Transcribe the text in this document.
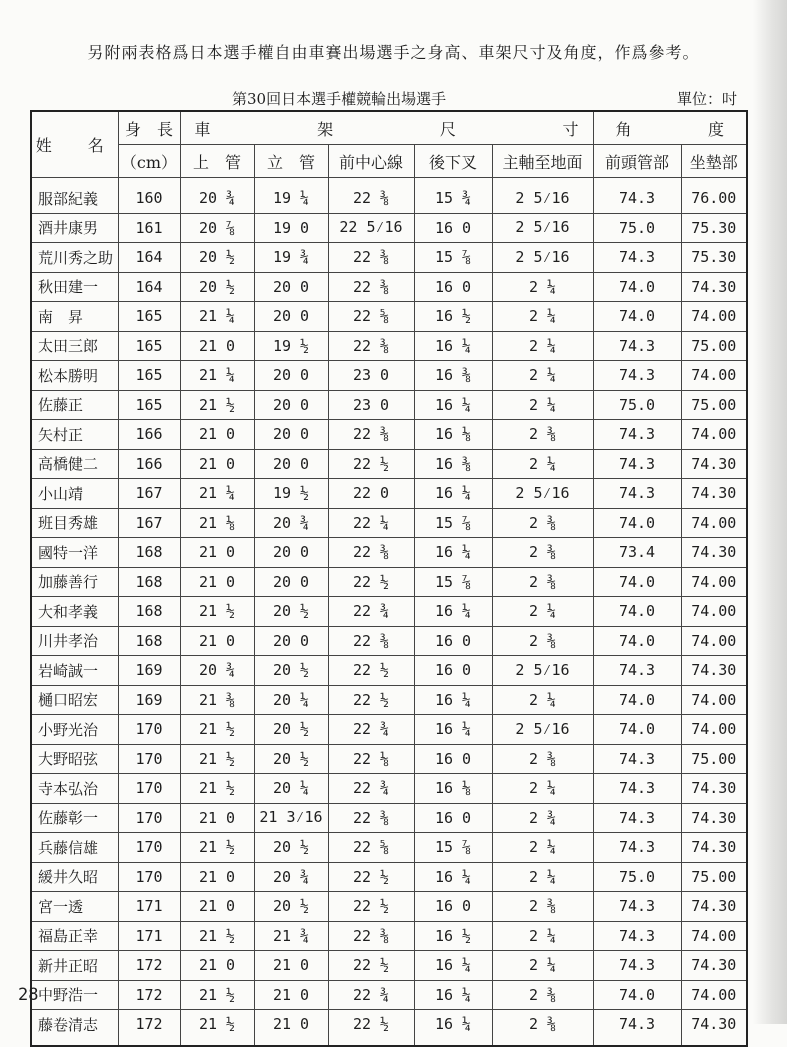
另附兩表格爲日本選手權自由車賽出場選手之身高、車架尺寸及角度，作爲參考。
第30回日本選手權競輪出場選手	單位：吋
姓　名	身　長	車 架 尺 寸					角 度	

	（cm）	上　管	立　管	前中心線	後下叉	主軸至地面	前頭管部	坐墊部
服部紀義	160	20 ¾	19 ¼	22 ⅜	15 ¾	2 5⁄16	74.3	76.00
酒井康男	161	20 ⅞	19 0	22 5⁄16	16 0	2 5⁄16	75.0	75.30
荒川秀之助	164	20 ½	19 ¾	22 ⅜	15 ⅞	2 5⁄16	74.3	75.30
秋田建一	164	20 ½	20 0	22 ⅜	16 0	2 ¼	74.0	74.30
南　昇	165	21 ¼	20 0	22 ⅝	16 ½	2 ¼	74.0	74.00
太田三郎	165	21 0	19 ½	22 ⅜	16 ¼	2 ¼	74.3	75.00
松本勝明	165	21 ¼	20 0	23 0	16 ⅜	2 ¼	74.3	74.00
佐藤正	165	21 ½	20 0	23 0	16 ¼	2 ¼	75.0	75.00
矢村正	166	21 0	20 0	22 ⅜	16 ⅛	2 ⅜	74.3	74.00
高橋健二	166	21 0	20 0	22 ½	16 ⅜	2 ¼	74.3	74.30
小山靖	167	21 ¼	19 ½	22 0	16 ¼	2 5⁄16	74.3	74.30
班目秀雄	167	21 ⅛	20 ¾	22 ¼	15 ⅞	2 ⅜	74.0	74.00
國特一洋	168	21 0	20 0	22 ⅜	16 ¼	2 ⅜	73.4	74.30
加藤善行	168	21 0	20 0	22 ½	15 ⅞	2 ⅜	74.0	74.00
大和孝義	168	21 ½	20 ½	22 ¾	16 ¼	2 ¼	74.0	74.00
川井孝治	168	21 0	20 0	22 ⅜	16 0	2 ⅜	74.0	74.00
岩崎誠一	169	20 ¾	20 ½	22 ½	16 0	2 5⁄16	74.3	74.30
樋口昭宏	169	21 ⅜	20 ¼	22 ½	16 ¼	2 ¼	74.0	74.00
小野光治	170	21 ½	20 ½	22 ¾	16 ¼	2 5⁄16	74.0	74.00
大野昭弦	170	21 ½	20 ½	22 ⅛	16 0	2 ⅜	74.3	75.00
寺本弘治	170	21 ½	20 ¼	22 ¾	16 ⅛	2 ¼	74.3	74.30
佐藤彰一	170	21 0	21 3⁄16	22 ⅜	16 0	2 ¾	74.3	74.30
兵藤信雄	170	21 ½	20 ½	22 ⅝	15 ⅞	2 ¼	74.3	74.30
緩井久昭	170	21 0	20 ¾	22 ½	16 ¼	2 ¼	75.0	75.00
宮一透	171	21 0	20 ½	22 ½	16 0	2 ⅜	74.3	74.30
福島正幸	171	21 ½	21 ¾	22 ⅜	16 ½	2 ¼	74.3	74.00
新井正昭	172	21 0	21 0	22 ½	16 ¼	2 ¼	74.3	74.30
中野浩一	172	21 ½	21 0	22 ¾	16 ¼	2 ⅜	74.0	74.00
藤卷清志	172	21 ½	21 0	22 ½	16 ¼	2 ⅜	74.3	74.30
28
